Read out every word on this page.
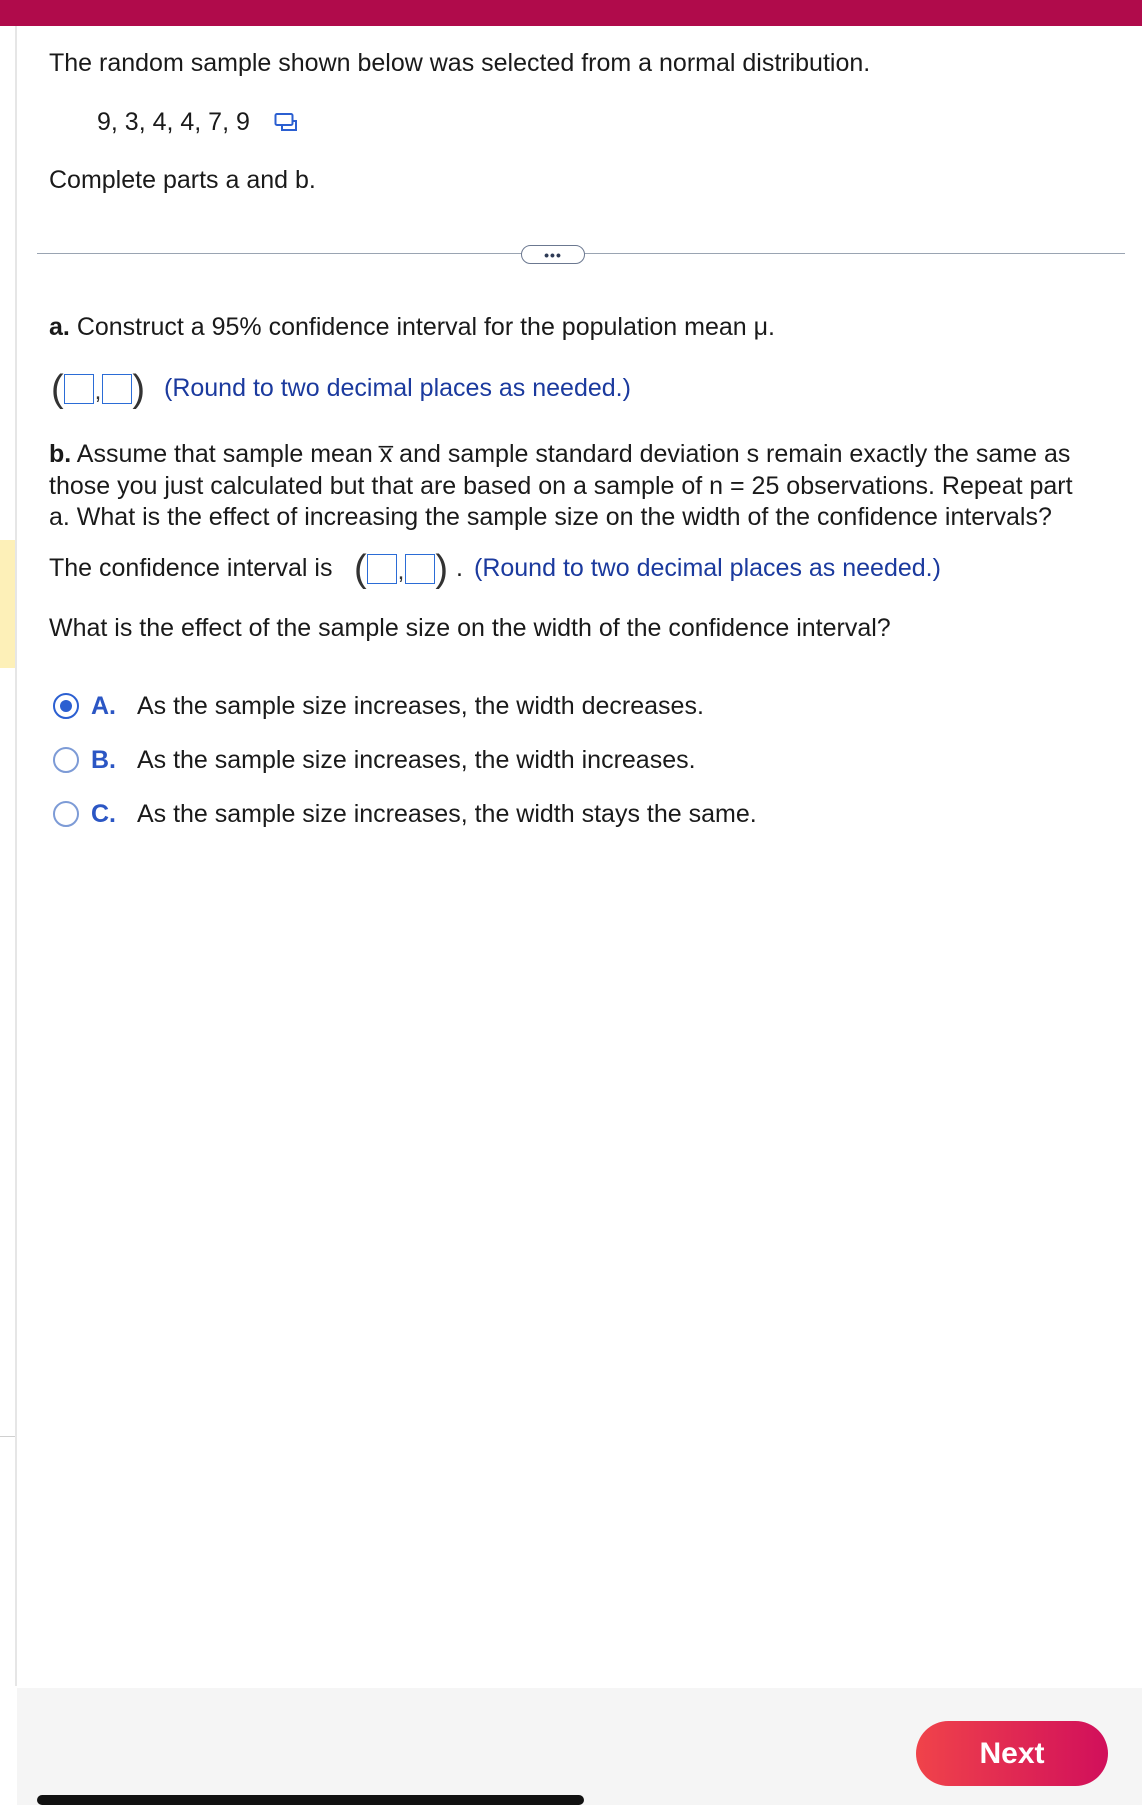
The random sample shown below was selected from a normal distribution.
9, 3, 4, 4, 7, 9
Complete parts a and b.
•••
a. Construct a 95% confidence interval for the population mean μ.
( , ) (Round to two decimal places as needed.)
b. Assume that sample mean x̅ and sample standard deviation s remain exactly the same as
those you just calculated but that are based on a sample of n = 25 observations. Repeat part
a. What is the effect of increasing the sample size on the width of the confidence intervals?
The confidence interval is ( , ) . (Round to two decimal places as needed.)
What is the effect of the sample size on the width of the confidence interval?
A. As the sample size increases, the width decreases.
B. As the sample size increases, the width increases.
C. As the sample size increases, the width stays the same.
Next
